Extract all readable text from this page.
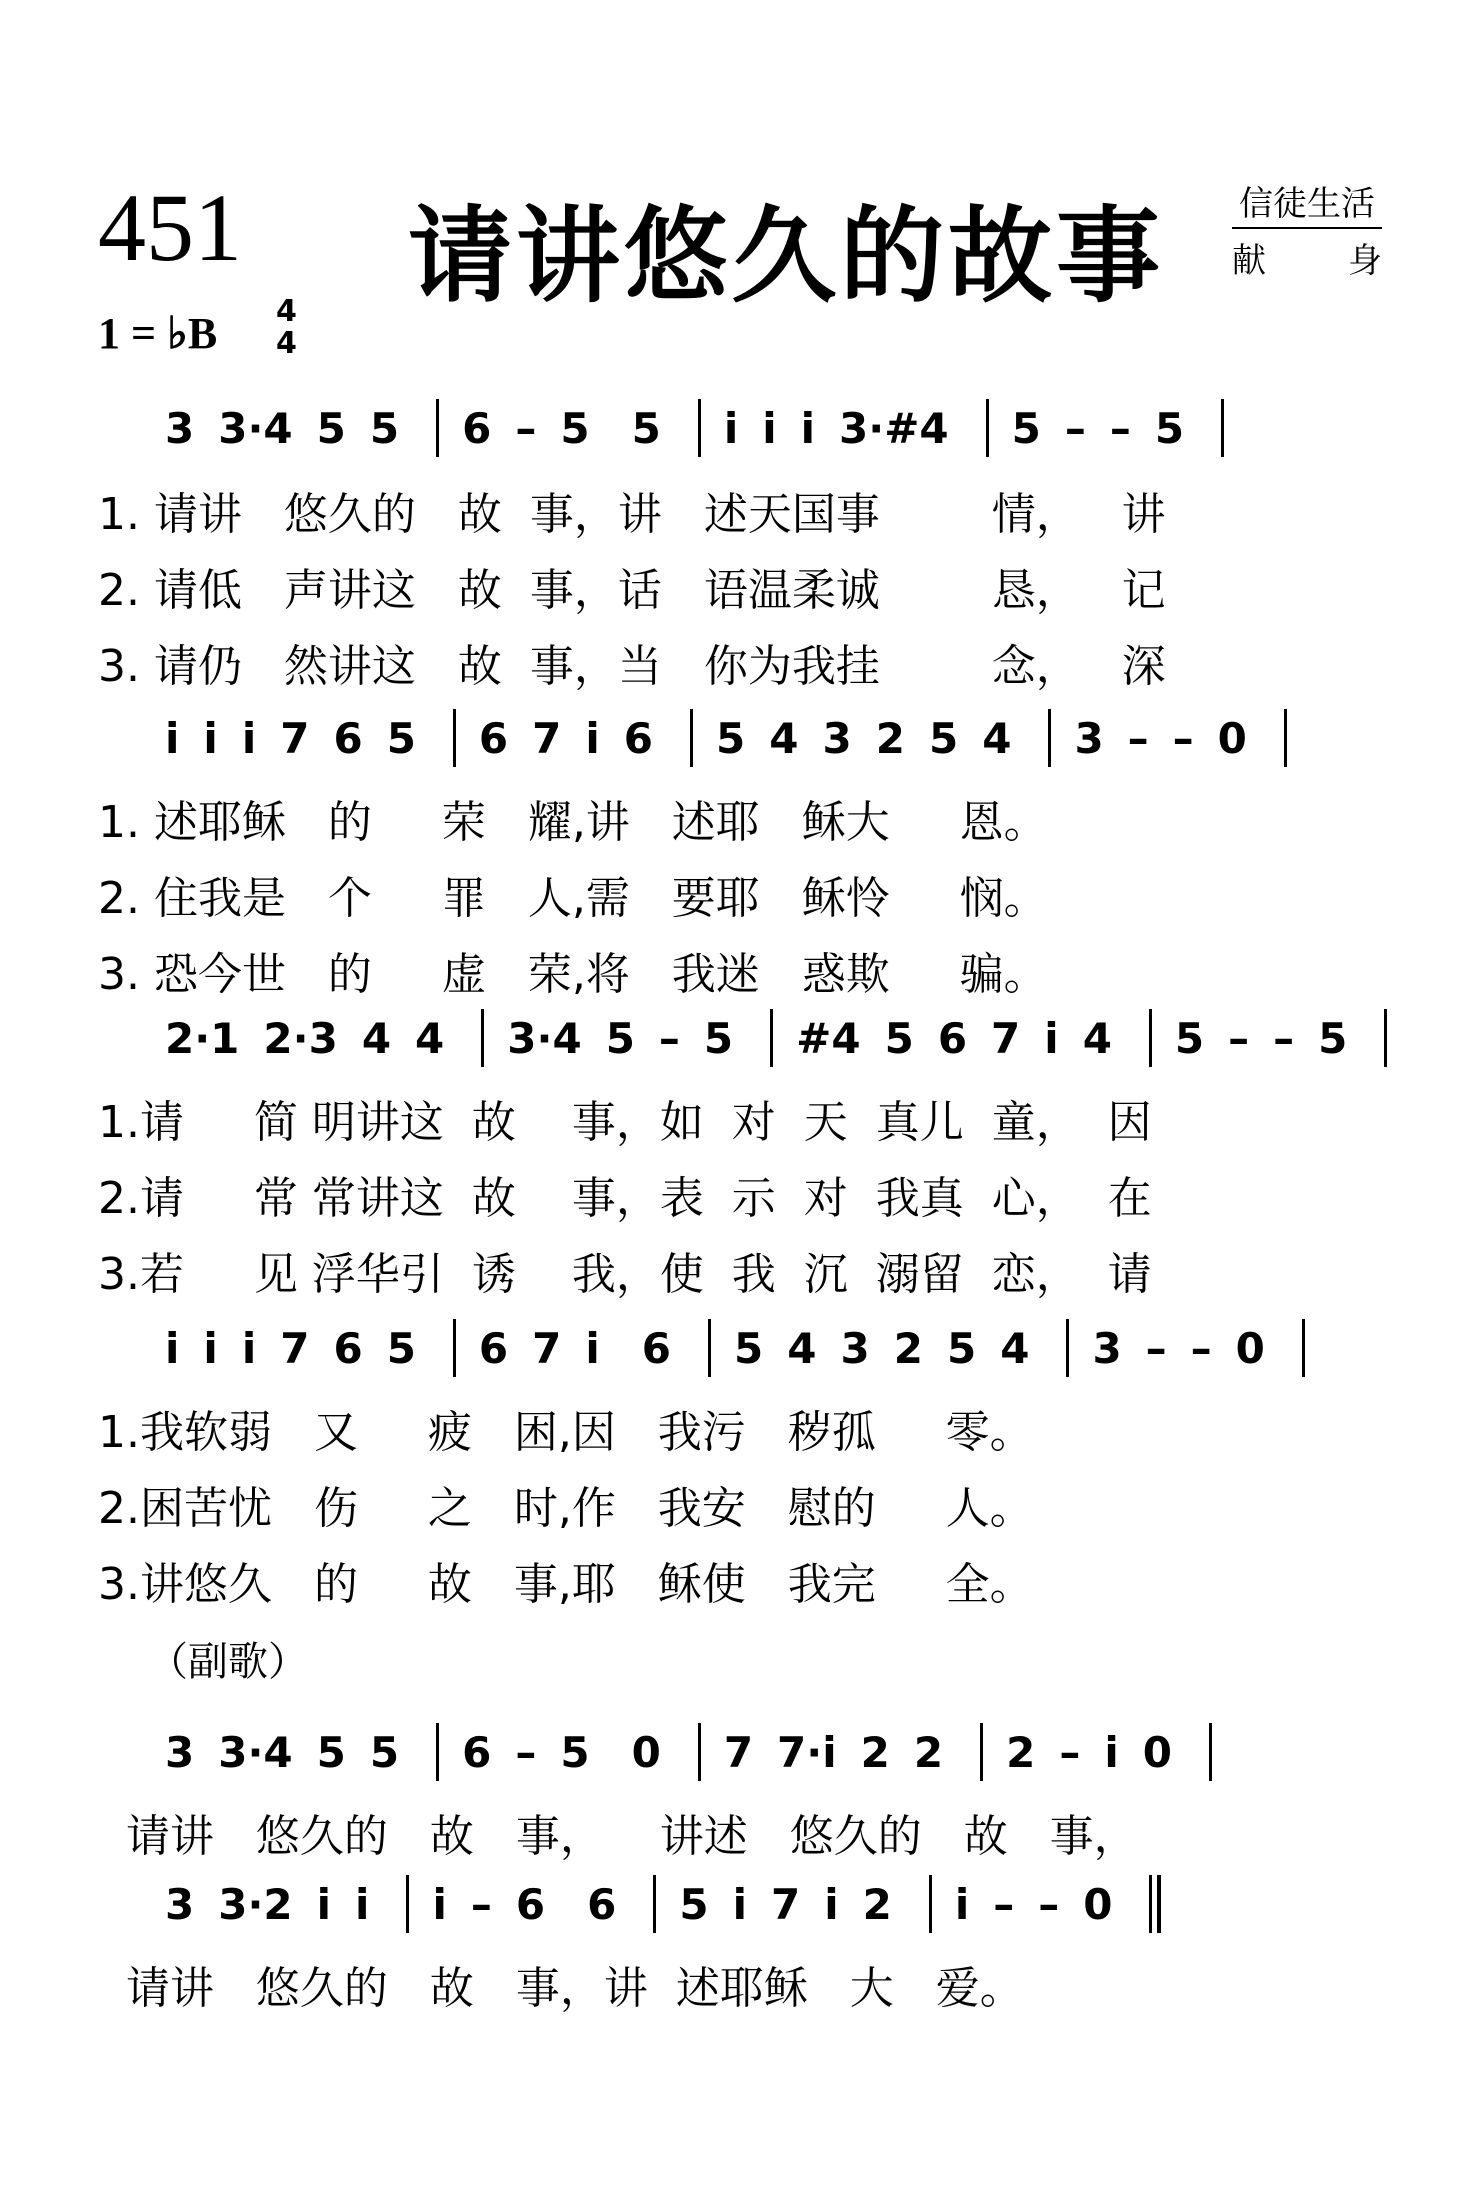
451 请讲悠久的故事 信徒生活
献 身
1 = ♭B 4
4
3 3·4 5 5 6 – 5 5 i i i 3·#4 5 – – 5
1. 请讲   悠久的   故  事，讲   述天国事        情，   讲
2. 请低   声讲这   故  事，话   语温柔诚        恳，   记
3. 请仍   然讲这   故  事，当   你为我挂        念，   深
i i i 7 6 5 6 7 i 6 5 4 3 2 5 4 3 – – 0
1. 述耶稣   的     荣   耀,讲   述耶   稣大     恩。
2. 住我是   个     罪   人,需   要耶   稣怜     悯。
3. 恐今世   的     虚   荣,将   我迷   惑欺     骗。
2·1 2·3 4 4 3·4 5 – 5 #4 5 6 7 i 4 5 – – 5
1.请     简 明讲这  故    事，如  对  天  真儿  童，  因
2.请     常 常讲这  故    事，表  示  对  我真  心，  在
3.若     见 浮华引  诱    我，使  我  沉  溺留  恋，  请
i i i 7 6 5 6 7 i 6 5 4 3 2 5 4 3 – – 0
1.我软弱   又     疲   困,因   我污   秽孤     零。
2.困苦忧   伤     之   时,作   我安   慰的     人。
3.讲悠久   的     故   事,耶   稣使   我完     全。
（副歌）
3 3·4 5 5 6 – 5 0 7 7·i 2 2 2 – i 0
请讲   悠久的   故   事，    讲述   悠久的   故   事，
3 3·2 i i i – 6 6 5 i 7 i 2 i – – 0
请讲   悠久的   故   事，讲  述耶稣   大   爱。
